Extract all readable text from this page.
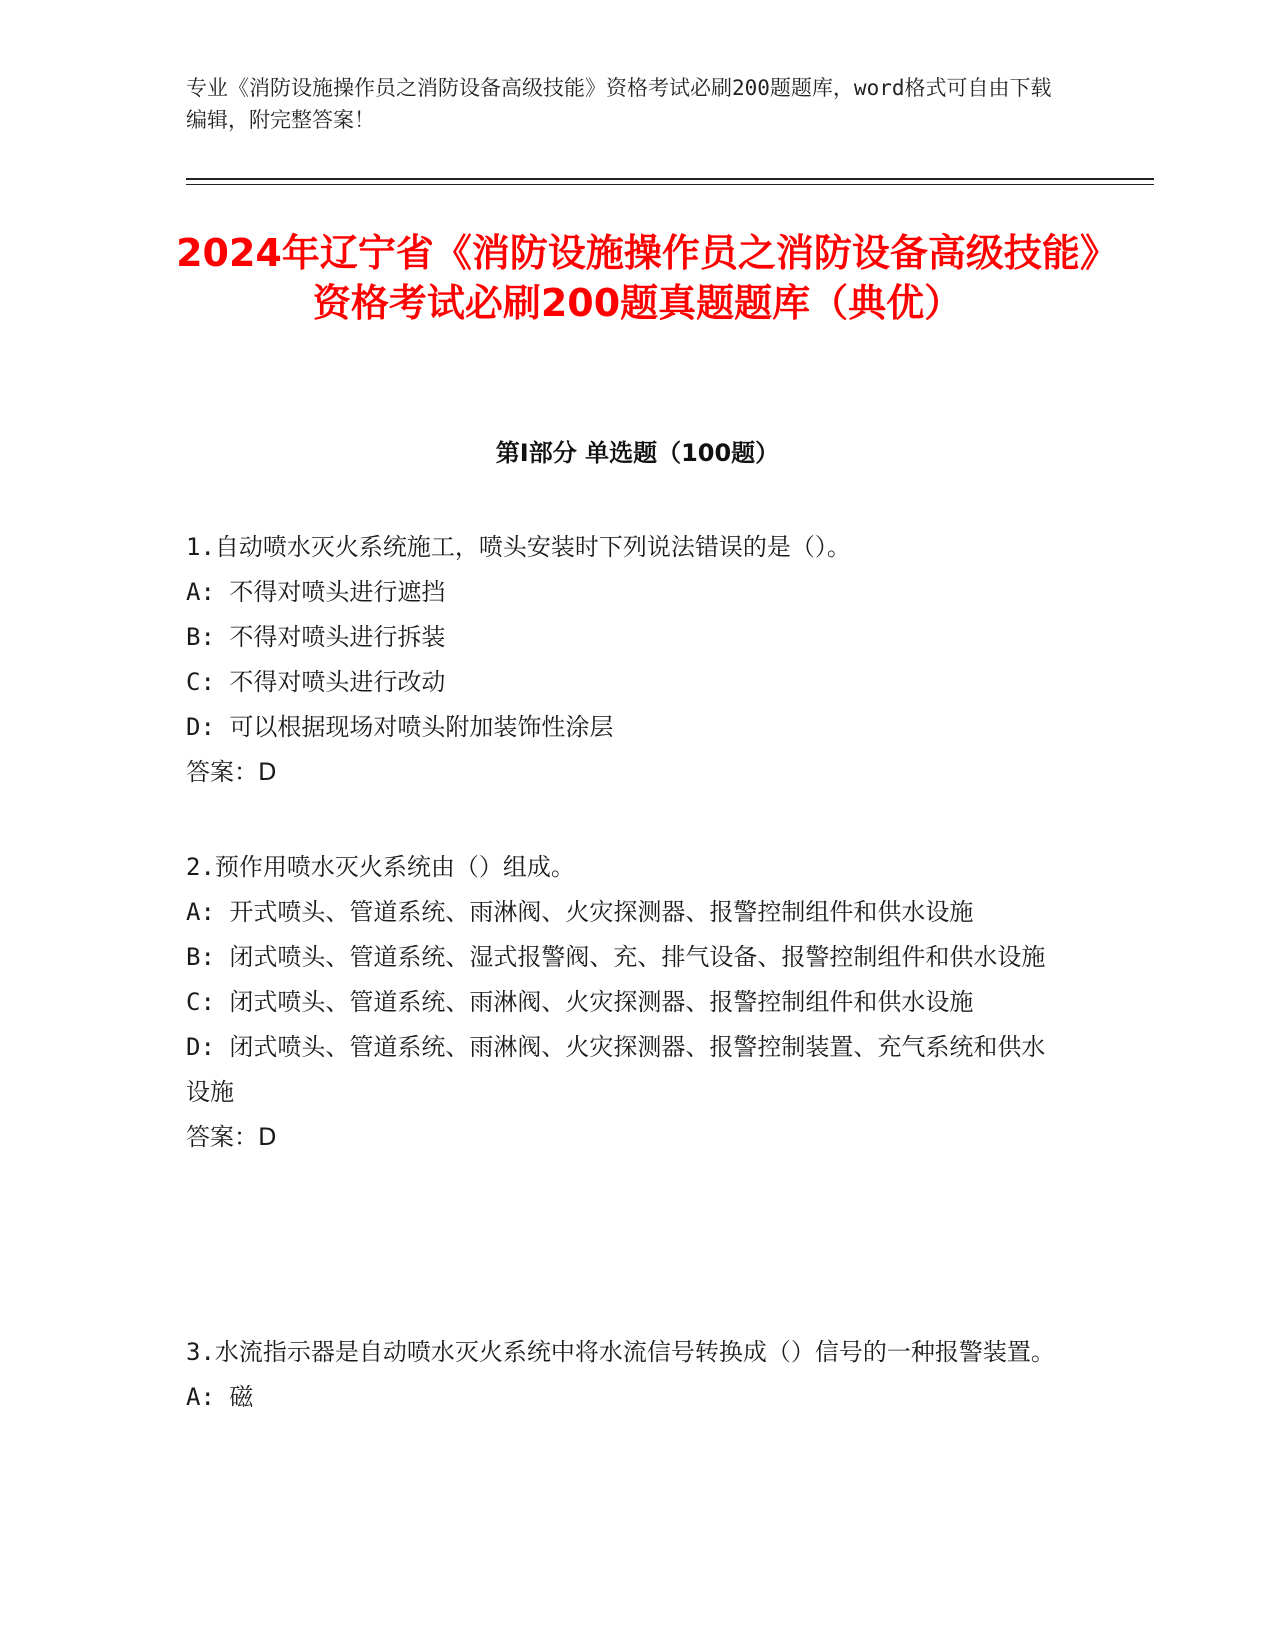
专业《消防设施操作员之消防设备高级技能》资格考试必刷200题题库，word格式可自由下载编辑，附完整答案！
2024年辽宁省《消防设施操作员之消防设备高级技能》资格考试必刷200题真题题库（典优）
第I部分 单选题（100题）

1.自动喷水灭火系统施工，喷头安装时下列说法错误的是（）。

A: 不得对喷头进行遮挡

B: 不得对喷头进行拆装

C: 不得对喷头进行改动

D: 可以根据现场对喷头附加装饰性涂层

答案：D

2.预作用喷水灭火系统由（）组成。

A: 开式喷头、管道系统、雨淋阀、火灾探测器、报警控制组件和供水设施

B: 闭式喷头、管道系统、湿式报警阀、充、排气设备、报警控制组件和供水设施

C: 闭式喷头、管道系统、雨淋阀、火灾探测器、报警控制组件和供水设施

D: 闭式喷头、管道系统、雨淋阀、火灾探测器、报警控制装置、充气系统和供水设施

答案：D

3.水流指示器是自动喷水灭火系统中将水流信号转换成（）信号的一种报警装置。

A: 磁
